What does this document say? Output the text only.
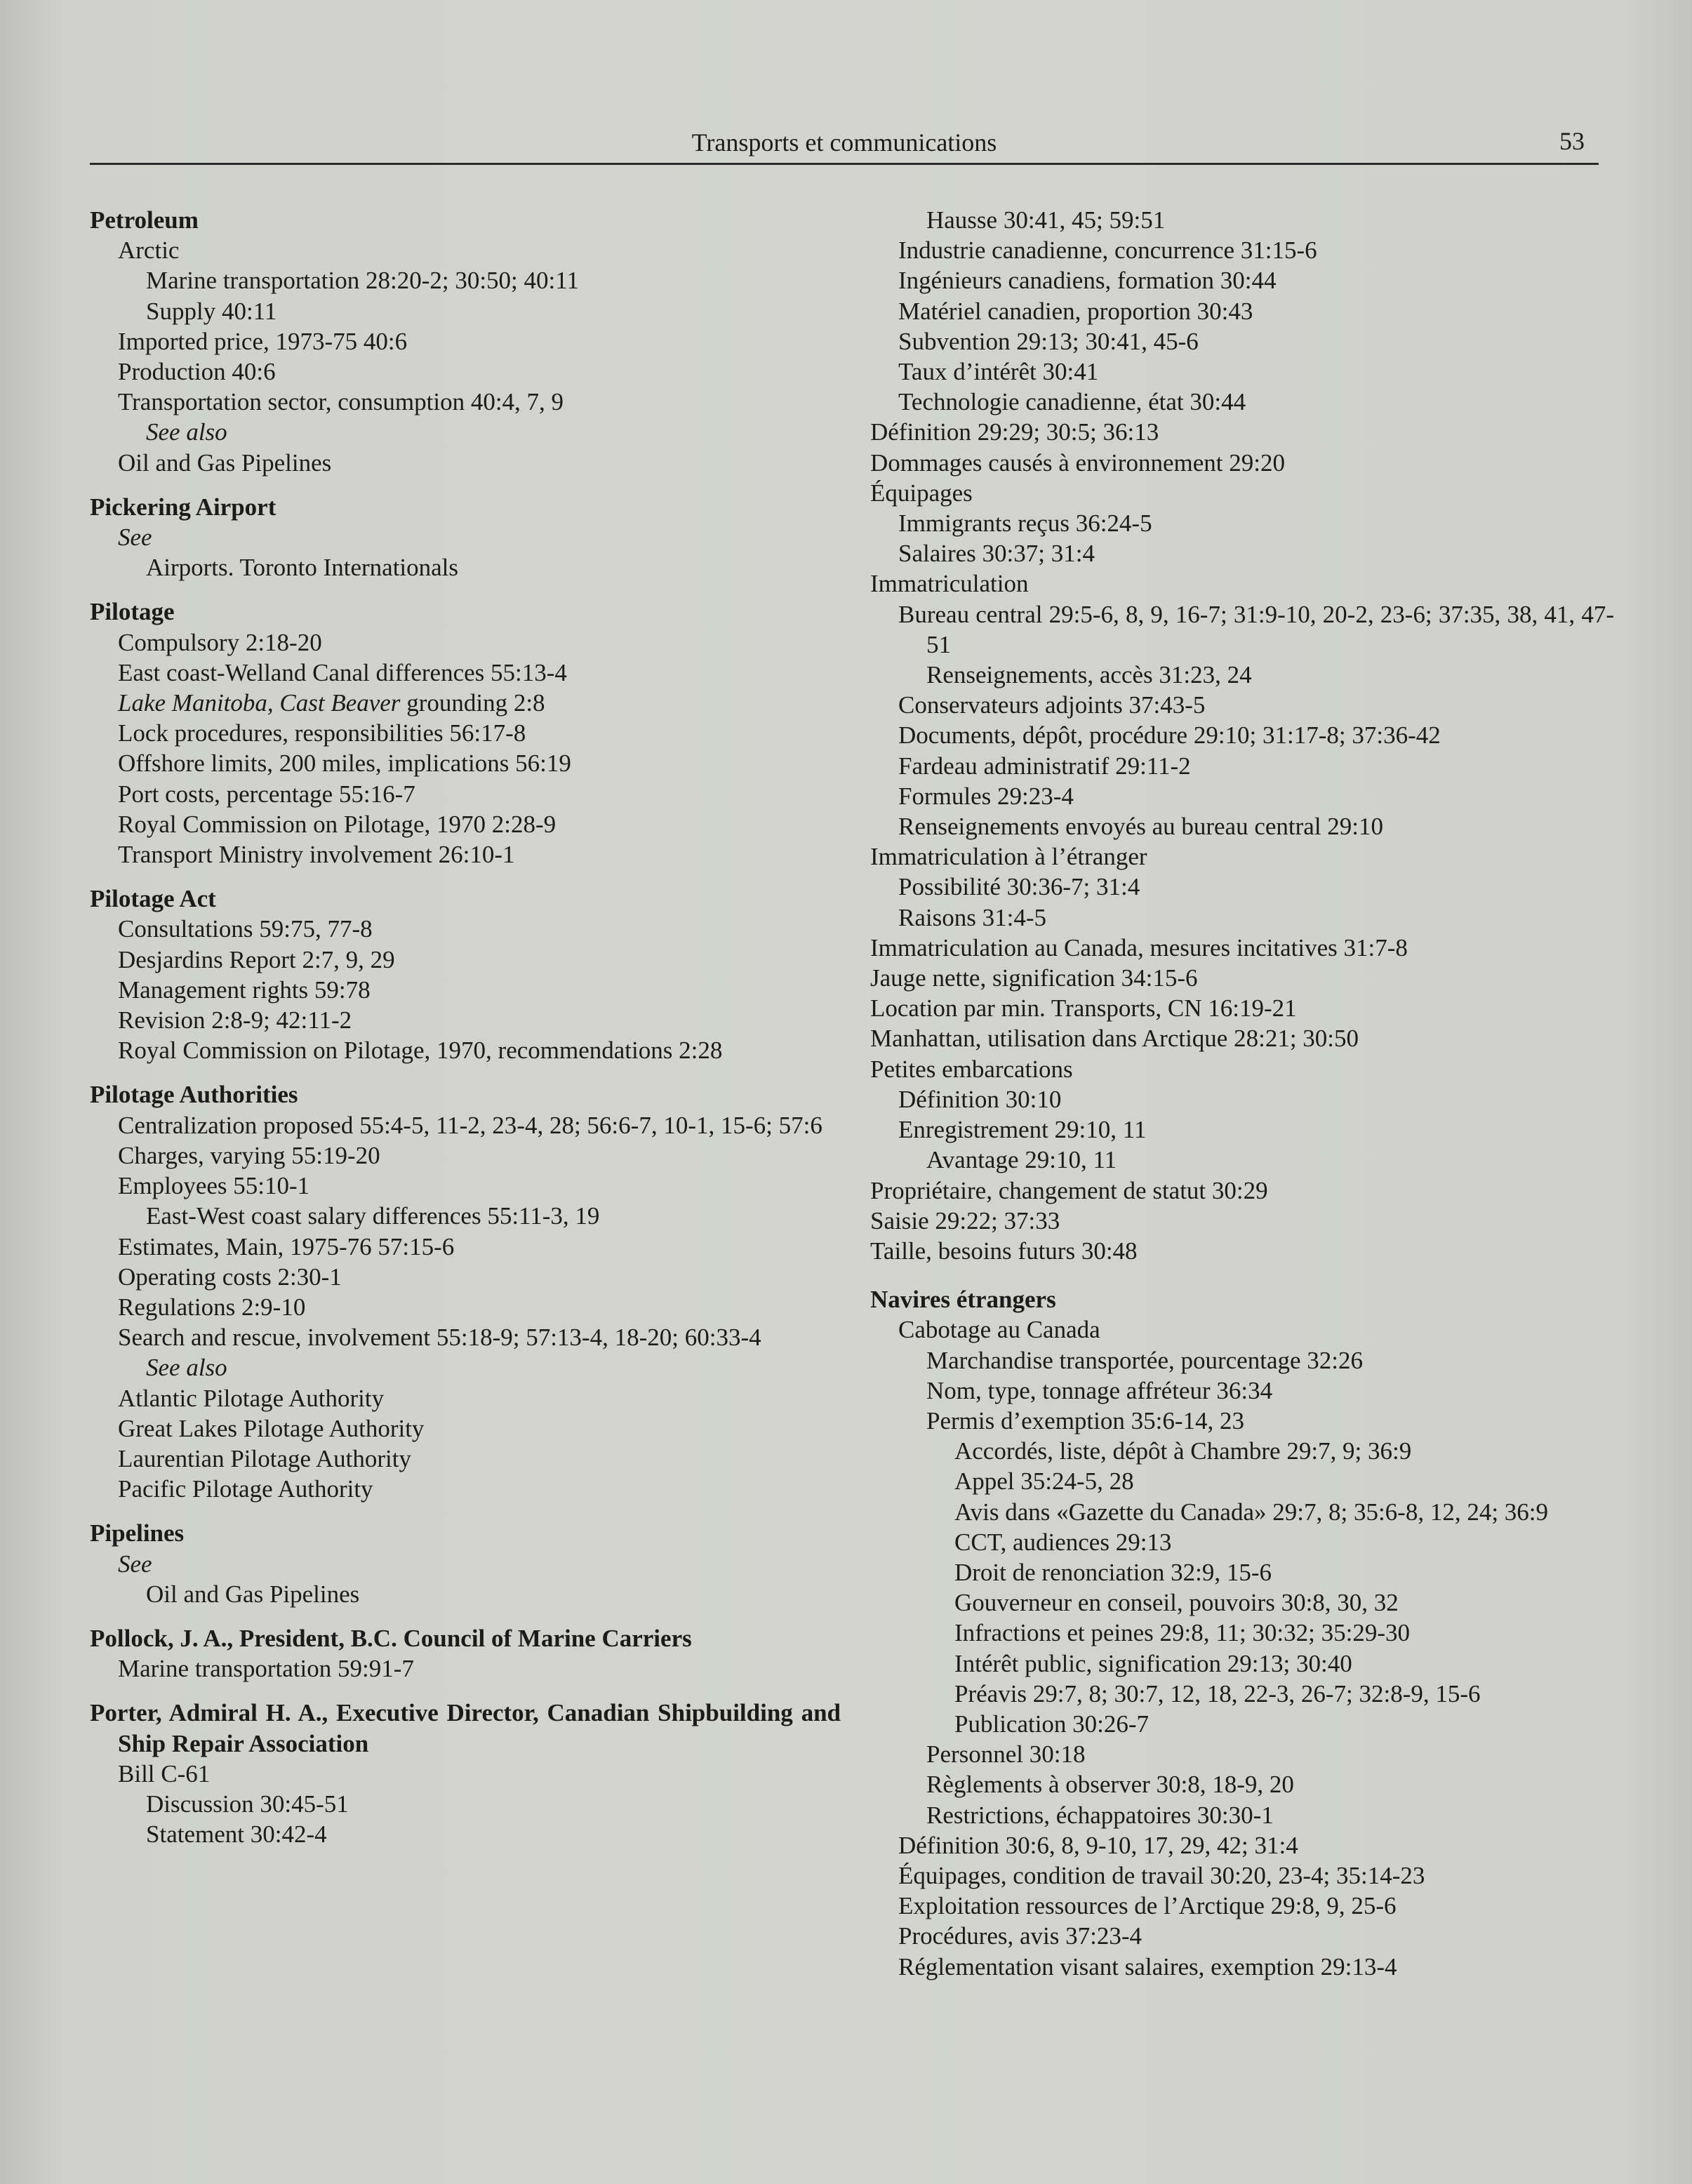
Transports et communications	53
Petroleum
Arctic
Marine transportation 28:20-2; 30:50; 40:11
Supply 40:11
Imported price, 1973-75 40:6
Production 40:6
Transportation sector, consumption 40:4, 7, 9
See also
Oil and Gas Pipelines
Pickering Airport
See
Airports. Toronto Internationals
Pilotage
Compulsory 2:18-20
East coast-Welland Canal differences 55:13-4
Lake Manitoba, Cast Beaver grounding 2:8
Lock procedures, responsibilities 56:17-8
Offshore limits, 200 miles, implications 56:19
Port costs, percentage 55:16-7
Royal Commission on Pilotage, 1970 2:28-9
Transport Ministry involvement 26:10-1
Pilotage Act
Consultations 59:75, 77-8
Desjardins Report 2:7, 9, 29
Management rights 59:78
Revision 2:8-9; 42:11-2
Royal Commission on Pilotage, 1970, recommendations 2:28
Pilotage Authorities
Centralization proposed 55:4-5, 11-2, 23-4, 28; 56:6-7, 10-1, 15-6; 57:6
Charges, varying 55:19-20
Employees 55:10-1
East-West coast salary differences 55:11-3, 19
Estimates, Main, 1975-76 57:15-6
Operating costs 2:30-1
Regulations 2:9-10
Search and rescue, involvement 55:18-9; 57:13-4, 18-20; 60:33-4
See also
Atlantic Pilotage Authority
Great Lakes Pilotage Authority
Laurentian Pilotage Authority
Pacific Pilotage Authority
Pipelines
See
Oil and Gas Pipelines
Pollock, J. A., President, B.C. Council of Marine Carriers
Marine transportation 59:91-7
Porter, Admiral H. A., Executive Director, Canadian Shipbuilding and Ship Repair Association
Bill C-61
Discussion 30:45-51
Statement 30:42-4
Hausse 30:41, 45; 59:51
Industrie canadienne, concurrence 31:15-6
Ingénieurs canadiens, formation 30:44
Matériel canadien, proportion 30:43
Subvention 29:13; 30:41, 45-6
Taux d’intérêt 30:41
Technologie canadienne, état 30:44
Définition 29:29; 30:5; 36:13
Dommages causés à environnement 29:20
Équipages
Immigrants reçus 36:24-5
Salaires 30:37; 31:4
Immatriculation
Bureau central 29:5-6, 8, 9, 16-7; 31:9-10, 20-2, 23-6; 37:35, 38, 41, 47-51
Renseignements, accès 31:23, 24
Conservateurs adjoints 37:43-5
Documents, dépôt, procédure 29:10; 31:17-8; 37:36-42
Fardeau administratif 29:11-2
Formules 29:23-4
Renseignements envoyés au bureau central 29:10
Immatriculation à l’étranger
Possibilité 30:36-7; 31:4
Raisons 31:4-5
Immatriculation au Canada, mesures incitatives 31:7-8
Jauge nette, signification 34:15-6
Location par min. Transports, CN 16:19-21
Manhattan, utilisation dans Arctique 28:21; 30:50
Petites embarcations
Définition 30:10
Enregistrement 29:10, 11
Avantage 29:10, 11
Propriétaire, changement de statut 30:29
Saisie 29:22; 37:33
Taille, besoins futurs 30:48
Navires étrangers
Cabotage au Canada
Marchandise transportée, pourcentage 32:26
Nom, type, tonnage affréteur 36:34
Permis d’exemption 35:6-14, 23
Accordés, liste, dépôt à Chambre 29:7, 9; 36:9
Appel 35:24-5, 28
Avis dans «Gazette du Canada» 29:7, 8; 35:6-8, 12, 24; 36:9
CCT, audiences 29:13
Droit de renonciation 32:9, 15-6
Gouverneur en conseil, pouvoirs 30:8, 30, 32
Infractions et peines 29:8, 11; 30:32; 35:29-30
Intérêt public, signification 29:13; 30:40
Préavis 29:7, 8; 30:7, 12, 18, 22-3, 26-7; 32:8-9, 15-6
Publication 30:26-7
Personnel 30:18
Règlements à observer 30:8, 18-9, 20
Restrictions, échappatoires 30:30-1
Définition 30:6, 8, 9-10, 17, 29, 42; 31:4
Équipages, condition de travail 30:20, 23-4; 35:14-23
Exploitation ressources de l’Arctique 29:8, 9, 25-6
Procédures, avis 37:23-4
Réglementation visant salaires, exemption 29:13-4
